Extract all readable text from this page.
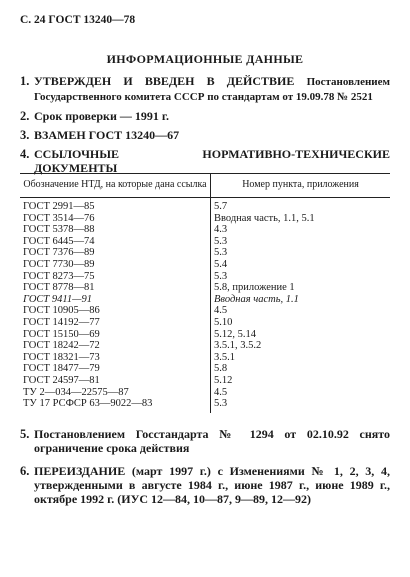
С. 24 ГОСТ 13240—78
ИНФОРМАЦИОННЫЕ ДАННЫЕ
1. УТВЕРЖДЕН И ВВЕДЕН В ДЕЙСТВИЕ Постановлением Государственного комитета СССР по стандартам от 19.09.78 № 2521
2. Срок проверки — 1991 г.
3. ВЗАМЕН ГОСТ 13240—67
4. ССЫЛОЧНЫЕ НОРМАТИВНО-ТЕХНИЧЕСКИЕ ДОКУМЕНТЫ
Обозначение НТД, на которые дана ссылка	Номер пункта, приложения
ГОСТ 2991—85	5.7
ГОСТ 3514—76	Вводная часть, 1.1, 5.1
ГОСТ 5378—88	4.3
ГОСТ 6445—74	5.3
ГОСТ 7376—89	5.3
ГОСТ 7730—89	5.4
ГОСТ 8273—75	5.3
ГОСТ 8778—81	5.8, приложение 1
ГОСТ 9411—91	Вводная часть, 1.1
ГОСТ 10905—86	4.5
ГОСТ 14192—77	5.10
ГОСТ 15150—69	5.12, 5.14
ГОСТ 18242—72	3.5.1, 3.5.2
ГОСТ 18321—73	3.5.1
ГОСТ 18477—79	5.8
ГОСТ 24597—81	5.12
ТУ 2—034—22575—87	4.5
ТУ 17 РСФСР 63—9022—83	5.3
5. Постановлением Госстандарта № 1294 от 02.10.92 снято ограничение срока действия
6. ПЕРЕИЗДАНИЕ (март 1997 г.) с Изменениями № 1, 2, 3, 4, утвержденными в августе 1984 г., июне 1987 г., июне 1989 г., октябре 1992 г. (ИУС 12—84, 10—87, 9—89, 12—92)
